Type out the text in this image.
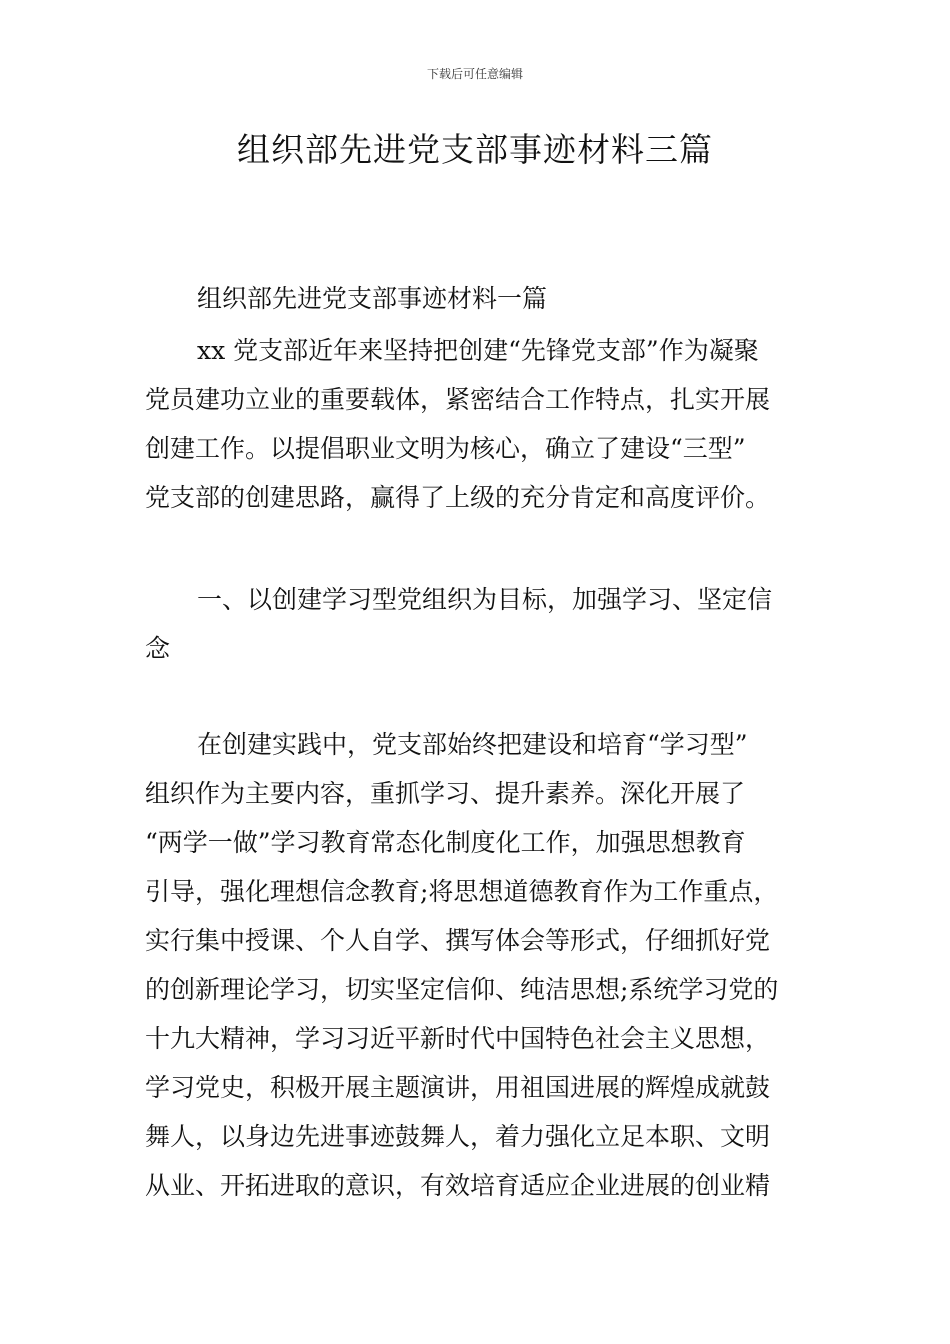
下载后可任意编辑
组织部先进党支部事迹材料三篇
组织部先进党支部事迹材料一篇
xx 党支部近年来坚持把创建“先锋党支部”作为凝聚
党员建功立业的重要载体，紧密结合工作特点，扎实开展
创建工作。以提倡职业文明为核心，确立了建设“三型”
党支部的创建思路，赢得了上级的充分肯定和高度评价。
一、以创建学习型党组织为目标，加强学习、坚定信
念
在创建实践中，党支部始终把建设和培育“学习型”
组织作为主要内容，重抓学习、提升素养。深化开展了
“两学一做”学习教育常态化制度化工作，加强思想教育
引导，强化理想信念教育;将思想道德教育作为工作重点，
实行集中授课、个人自学、撰写体会等形式，仔细抓好党
的创新理论学习，切实坚定信仰、纯洁思想;系统学习党的
十九大精神，学习习近平新时代中国特色社会主义思想，
学习党史，积极开展主题演讲，用祖国进展的辉煌成就鼓
舞人，以身边先进事迹鼓舞人，着力强化立足本职、文明
从业、开拓进取的意识，有效培育适应企业进展的创业精
